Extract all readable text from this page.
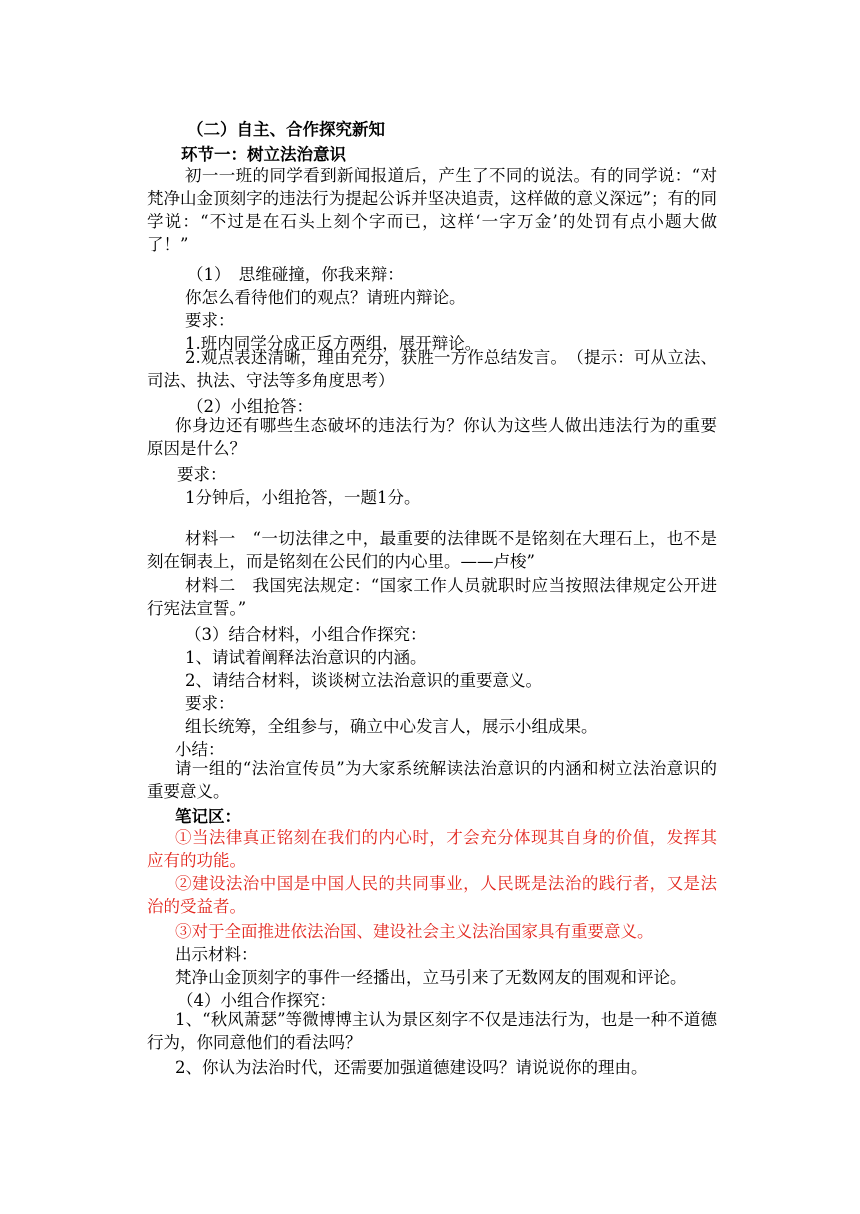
（二）自主、合作探究新知
环节一：树立法治意识
初一一班的同学看到新闻报道后，产生了不同的说法。有的同学说：“对梵净山金顶刻字的违法行为提起公诉并坚决追责，这样做的意义深远”；有的同学说：“不过是在石头上刻个字而已，这样‘一字万金’的处罚有点小题大做了！”
（1）　思维碰撞，你我来辩：
你怎么看待他们的观点？请班内辩论。
要求：
1.班内同学分成正反方两组，展开辩论。
2.观点表述清晰，理由充分，获胜一方作总结发言。　（提示：可从立法、司法、执法、守法等多角度思考）
（2）小组抢答：
你身边还有哪些生态破坏的违法行为？你认为这些人做出违法行为的重要原因是什么？
要求：
1分钟后，小组抢答，一题1分。
材料一　“一切法律之中，最重要的法律既不是铭刻在大理石上，也不是刻在铜表上，而是铭刻在公民们的内心里。——卢梭”
材料二　我国宪法规定：“国家工作人员就职时应当按照法律规定公开进行宪法宣誓。”
（3）结合材料，小组合作探究：
1、请试着阐释法治意识的内涵。
2、请结合材料，谈谈树立法治意识的重要意义。
要求：
组长统筹，全组参与，确立中心发言人，展示小组成果。
小结：
请一组的“法治宣传员”为大家系统解读法治意识的内涵和树立法治意识的重要意义。
笔记区：
①当法律真正铭刻在我们的内心时，才会充分体现其自身的价值，发挥其应有的功能。
②建设法治中国是中国人民的共同事业，人民既是法治的践行者，又是法治的受益者。
③对于全面推进依法治国、建设社会主义法治国家具有重要意义。
出示材料：
梵净山金顶刻字的事件一经播出，立马引来了无数网友的围观和评论。
（4）小组合作探究：
1、“秋风萧瑟”等微博博主认为景区刻字不仅是违法行为，也是一种不道德行为，你同意他们的看法吗？
2、你认为法治时代，还需要加强道德建设吗？请说说你的理由。
